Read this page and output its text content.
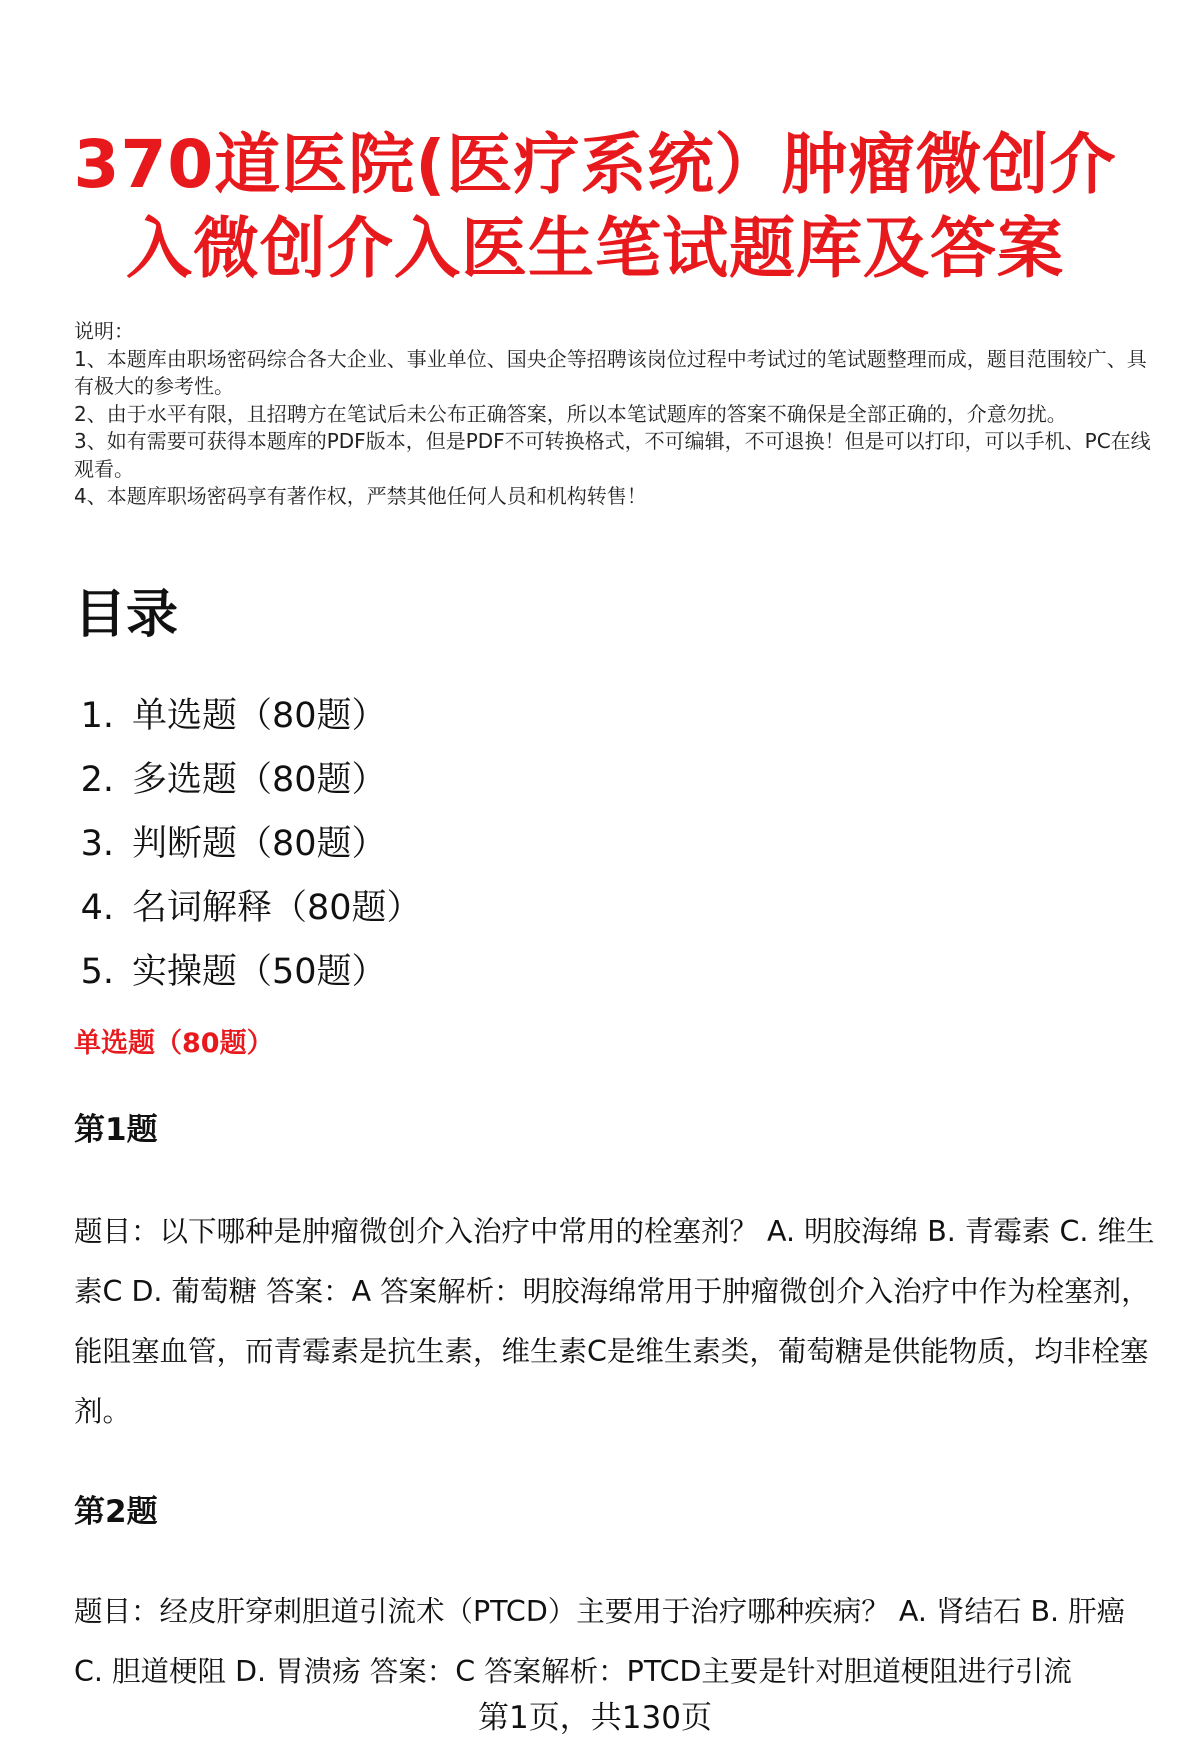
370道医院(医疗系统）肿瘤微创介
入微创介入医生笔试题库及答案
说明：
1、本题库由职场密码综合各大企业、事业单位、国央企等招聘该岗位过程中考试过的笔试题整理而成，题目范围较广、具有极大的参考性。
2、由于水平有限，且招聘方在笔试后未公布正确答案，所以本笔试题库的答案不确保是全部正确的，介意勿扰。
3、如有需要可获得本题库的PDF版本，但是PDF不可转换格式，不可编辑，不可退换！但是可以打印，可以手机、PC在线观看。
4、本题库职场密码享有著作权，严禁其他任何人员和机构转售！
目录
1. 单选题（80题）
2. 多选题（80题）
3. 判断题（80题）
4. 名词解释（80题）
5. 实操题（50题）
单选题（80题）
第1题

题目：以下哪种是肿瘤微创介入治疗中常用的栓塞剂？ A. 明胶海绵 B. 青霉素 C. 维生素C D. 葡萄糖 答案：A 答案解析：明胶海绵常用于肿瘤微创介入治疗中作为栓塞剂，能阻塞血管，而青霉素是抗生素，维生素C是维生素类，葡萄糖是供能物质，均非栓塞剂。

第2题

题目：经皮肝穿刺胆道引流术（PTCD）主要用于治疗哪种疾病？ A. 肾结石 B. 肝癌 C. 胆道梗阻 D. 胃溃疡 答案：C 答案解析：PTCD主要是针对胆道梗阻进行引流

第1页，共130页
